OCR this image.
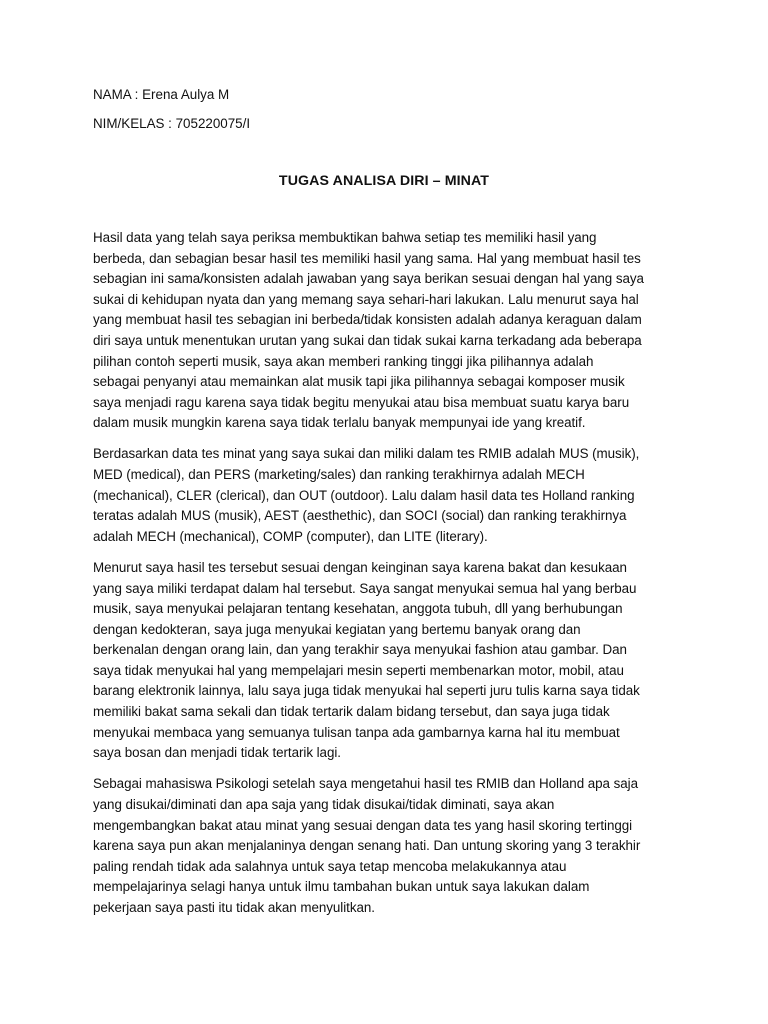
NAMA : Erena Aulya M
NIM/KELAS : 705220075/I
TUGAS ANALISA DIRI – MINAT

Hasil data yang telah saya periksa membuktikan bahwa setiap tes memiliki hasil yang
berbeda, dan sebagian besar hasil tes memiliki hasil yang sama. Hal yang membuat hasil tes
sebagian ini sama/konsisten adalah jawaban yang saya berikan sesuai dengan hal yang saya
sukai di kehidupan nyata dan yang memang saya sehari-hari lakukan. Lalu menurut saya hal
yang membuat hasil tes sebagian ini berbeda/tidak konsisten adalah adanya keraguan dalam
diri saya untuk menentukan urutan yang sukai dan tidak sukai karna terkadang ada beberapa
pilihan contoh seperti musik, saya akan memberi ranking tinggi jika pilihannya adalah
sebagai penyanyi atau memainkan alat musik tapi jika pilihannya sebagai komposer musik
saya menjadi ragu karena saya tidak begitu menyukai atau bisa membuat suatu karya baru
dalam musik mungkin karena saya tidak terlalu banyak mempunyai ide yang kreatif.

Berdasarkan data tes minat yang saya sukai dan miliki dalam tes RMIB adalah MUS (musik),
MED (medical), dan PERS (marketing/sales) dan ranking terakhirnya adalah MECH
(mechanical), CLER (clerical), dan OUT (outdoor). Lalu dalam hasil data tes Holland ranking
teratas adalah MUS (musik), AEST (aesthethic), dan SOCI (social) dan ranking terakhirnya
adalah MECH (mechanical), COMP (computer), dan LITE (literary).

Menurut saya hasil tes tersebut sesuai dengan keinginan saya karena bakat dan kesukaan
yang saya miliki terdapat dalam hal tersebut. Saya sangat menyukai semua hal yang berbau
musik, saya menyukai pelajaran tentang kesehatan, anggota tubuh, dll yang berhubungan
dengan kedokteran, saya juga menyukai kegiatan yang bertemu banyak orang dan
berkenalan dengan orang lain, dan yang terakhir saya menyukai fashion atau gambar. Dan
saya tidak menyukai hal yang mempelajari mesin seperti membenarkan motor, mobil, atau
barang elektronik lainnya, lalu saya juga tidak menyukai hal seperti juru tulis karna saya tidak
memiliki bakat sama sekali dan tidak tertarik dalam bidang tersebut, dan saya juga tidak
menyukai membaca yang semuanya tulisan tanpa ada gambarnya karna hal itu membuat
saya bosan dan menjadi tidak tertarik lagi.

Sebagai mahasiswa Psikologi setelah saya mengetahui hasil tes RMIB dan Holland apa saja
yang disukai/diminati dan apa saja yang tidak disukai/tidak diminati, saya akan
mengembangkan bakat atau minat yang sesuai dengan data tes yang hasil skoring tertinggi
karena saya pun akan menjalaninya dengan senang hati. Dan untung skoring yang 3 terakhir
paling rendah tidak ada salahnya untuk saya tetap mencoba melakukannya atau
mempelajarinya selagi hanya untuk ilmu tambahan bukan untuk saya lakukan dalam
pekerjaan saya pasti itu tidak akan menyulitkan.
